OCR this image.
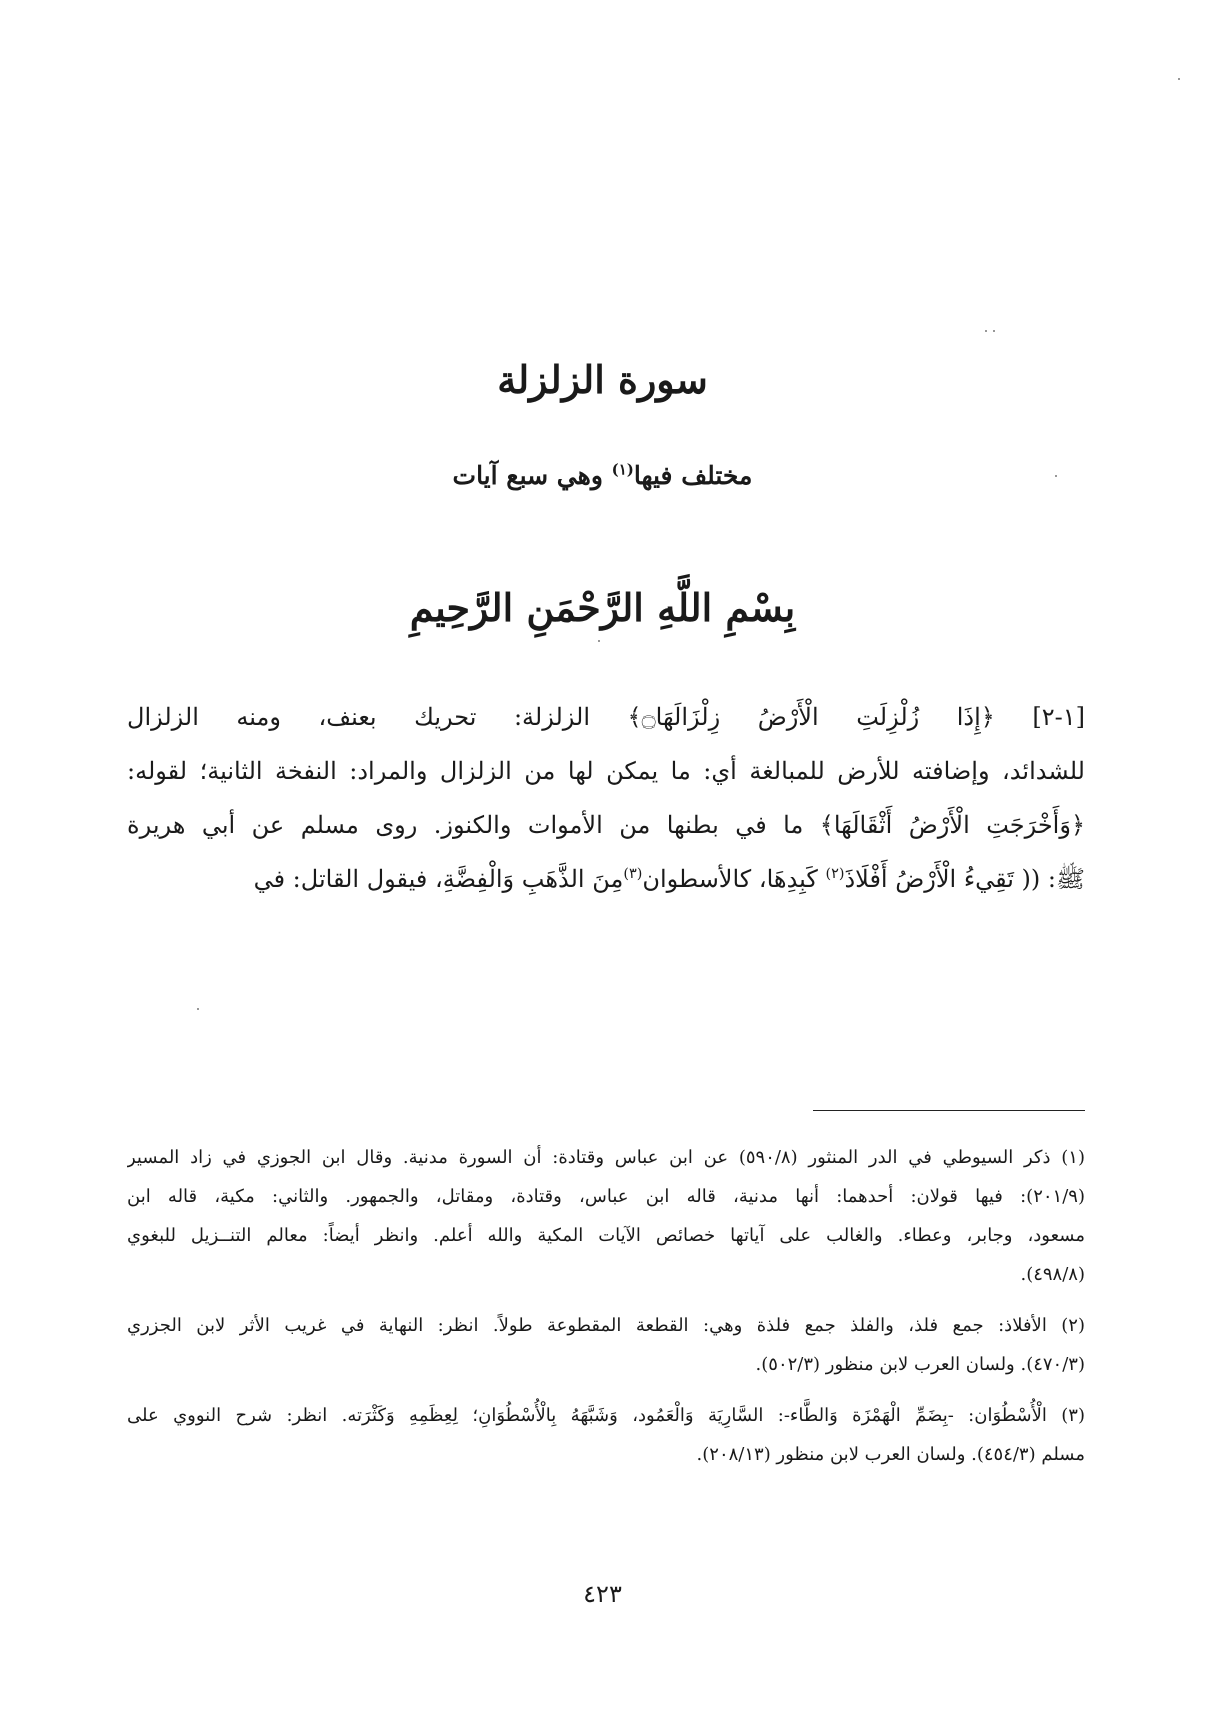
سورة الزلزلة
مختلف فيها$^{(١)}$ وهي سبع آيات
بِسْمِ اللَّهِ الرَّحْمَنِ الرَّحِيمِ
[١-٢] ﴿إِذَا زُلْزِلَتِ الْأَرْضُ زِلْزَالَهَا۝﴾ الزلزلة: تحريك بعنف، ومنه الزلزال
للشدائد، وإضافته للأرض للمبالغة أي: ما يمكن لها من الزلزال والمراد: النفخة الثانية؛ لقوله:
﴿وَأَخْرَجَتِ الْأَرْضُ أَثْقَالَهَا﴾ ما في بطنها من الأموات والكنوز. روى مسلم عن أبي هريرة
ﷺ: (( تَقِيءُ الْأَرْضُ أَفْلَاذَ$^{(٢)}$ كَبِدِهَا، كالأسطوان$^{(٣)}$مِنَ الذَّهَبِ وَالْفِضَّةِ، فيقول القاتل: في
(١) ذكر السيوطي في الدر المنثور (٥٩٠/٨) عن ابن عباس وقتادة: أن السورة مدنية. وقال ابن الجوزي في زاد المسير
(٢٠١/٩): فيها قولان: أحدهما: أنها مدنية، قاله ابن عباس، وقتادة، ومقاتل، والجمهور. والثاني: مكية، قاله ابن
مسعود، وجابر، وعطاء. والغالب على آياتها خصائص الآيات المكية والله أعلم. وانظر أيضاً: معالم التنــزيل للبغوي
(٤٩٨/٨).
(٢) الأفلاذ: جمع فلذ، والفلذ جمع فلذة وهي: القطعة المقطوعة طولاً. انظر: النهاية في غريب الأثر لابن الجزري
(٤٧٠/٣). ولسان العرب لابن منظور (٥٠٢/٣).
(٣) الْأُسْطُوَان: -بِضَمِّ الْهَمْزَة وَالطَّاء-: السَّارِيَة وَالْعَمُود، وَشَبَّهَهُ بِالْأُسْطُوَانِ؛ لِعِظَمِهِ وَكَثْرَته. انظر: شرح النووي على
مسلم (٤٥٤/٣). ولسان العرب لابن منظور (٢٠٨/١٣).
٤٢٣
